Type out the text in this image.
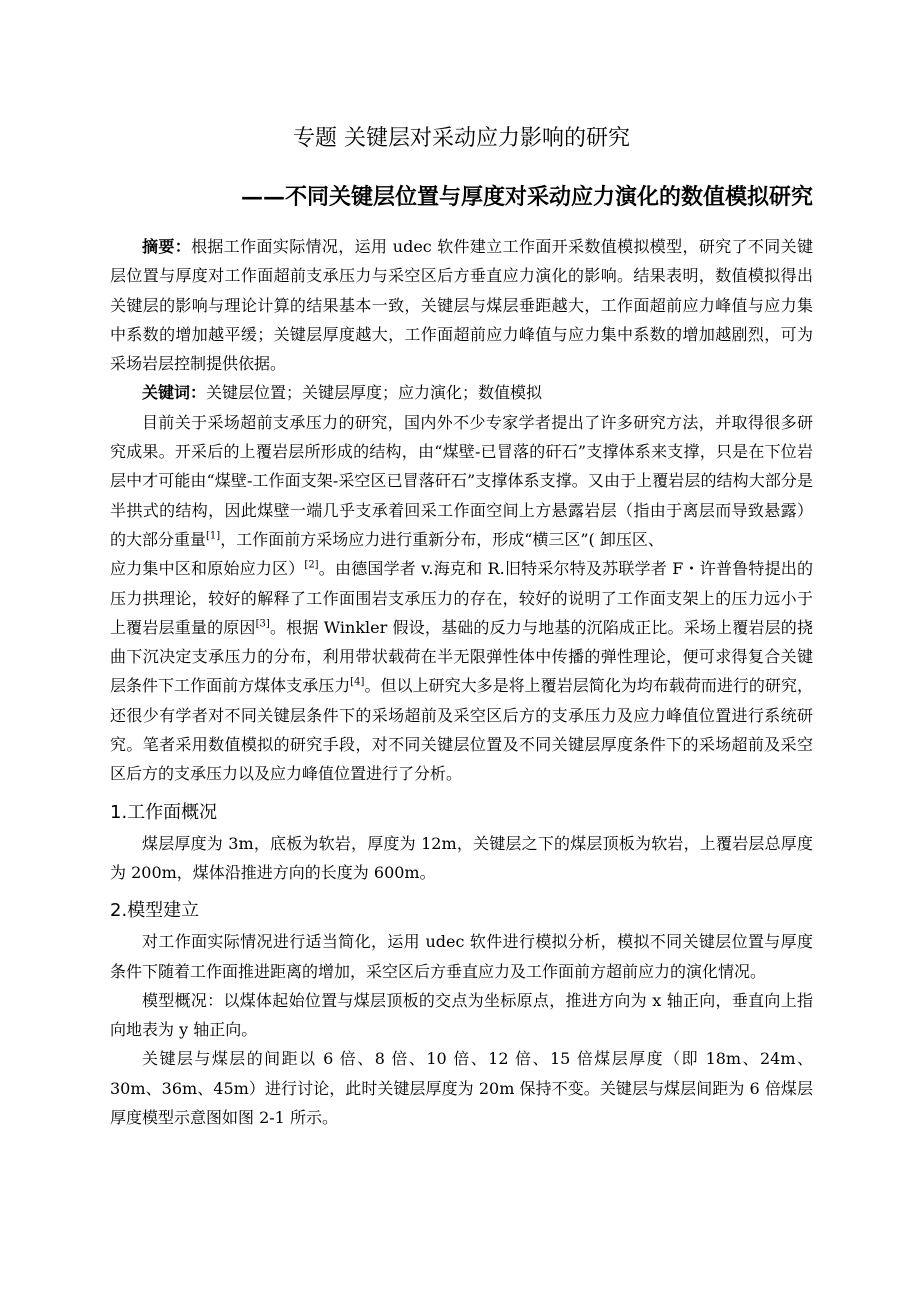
专题 关键层对采动应力影响的研究
——不同关键层位置与厚度对采动应力演化的数值模拟研究

摘要：根据工作面实际情况，运用 udec 软件建立工作面开采数值模拟模型，研究了不同关键层位置与厚度对工作面超前支承压力与采空区后方垂直应力演化的影响。结果表明，数值模拟得出关键层的影响与理论计算的结果基本一致，关键层与煤层垂距越大，工作面超前应力峰值与应力集中系数的增加越平缓；关键层厚度越大，工作面超前应力峰值与应力集中系数的增加越剧烈，可为采场岩层控制提供依据。

关键词：关键层位置；关键层厚度；应力演化；数值模拟

目前关于采场超前支承压力的研究，国内外不少专家学者提出了许多研究方法，并取得很多研究成果。开采后的上覆岩层所形成的结构，由“煤壁-已冒落的矸石”支撑体系来支撑，只是在下位岩层中才可能由“煤壁-工作面支架-采空区已冒落矸石”支撑体系支撑。又由于上覆岩层的结构大部分是半拱式的结构，因此煤壁一端几乎支承着回采工作面空间上方悬露岩层（指由于离层而导致悬露）的大部分重量[1]，工作面前方采场应力进行重新分布，形成“横三区”( 卸压区、

应力集中区和原始应力区）[2]。由德国学者 v.海克和 R.旧特采尔特及苏联学者 F・许普鲁特提出的压力拱理论，较好的解释了工作面围岩支承压力的存在，较好的说明了工作面支架上的压力远小于上覆岩层重量的原因[3]。根据 Winkler 假设，基础的反力与地基的沉陷成正比。采场上覆岩层的挠曲下沉决定支承压力的分布，利用带状载荷在半无限弹性体中传播的弹性理论，便可求得复合关键层条件下工作面前方煤体支承压力[4]。但以上研究大多是将上覆岩层简化为均布载荷而进行的研究，还很少有学者对不同关键层条件下的采场超前及采空区后方的支承压力及应力峰值位置进行系统研究。笔者采用数值模拟的研究手段，对不同关键层位置及不同关键层厚度条件下的采场超前及采空区后方的支承压力以及应力峰值位置进行了分析。

1.工作面概况

煤层厚度为 3m，底板为软岩，厚度为 12m，关键层之下的煤层顶板为软岩，上覆岩层总厚度为 200m，煤体沿推进方向的长度为 600m。

2.模型建立

对工作面实际情况进行适当简化，运用 udec 软件进行模拟分析，模拟不同关键层位置与厚度条件下随着工作面推进距离的增加，采空区后方垂直应力及工作面前方超前应力的演化情况。

模型概况：以煤体起始位置与煤层顶板的交点为坐标原点，推进方向为 x 轴正向，垂直向上指向地表为 y 轴正向。

关键层与煤层的间距以 6 倍、8 倍、10 倍、12 倍、15 倍煤层厚度（即 18m、24m、30m、36m、45m）进行讨论，此时关键层厚度为 20m 保持不变。关键层与煤层间距为 6 倍煤层厚度模型示意图如图 2-1 所示。
